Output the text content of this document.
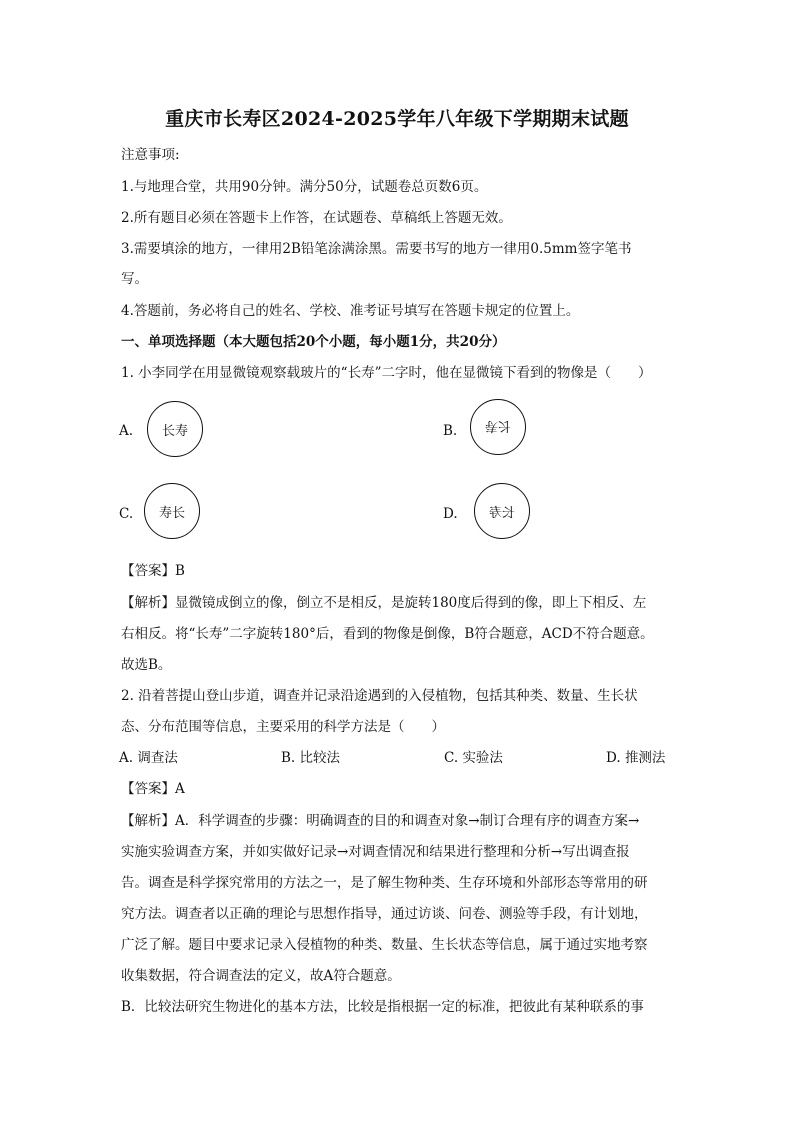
重庆市长寿区2024-2025学年八年级下学期期末试题
注意事项:
1.与地理合堂，共用90分钟。满分50分，试题卷总页数6页。
2.所有题目必须在答题卡上作答，在试题卷、草稿纸上答题无效。
3.需要填涂的地方，一律用2B铅笔涂满涂黑。需要书写的地方一律用0.5mm签字笔书
写。
4.答题前，务必将自己的姓名、学校、准考证号填写在答题卡规定的位置上。
一、单项选择题（本大题包括20个小题，每小题1分，共20分）
1. 小李同学在用显微镜观察载玻片的“长寿”二字时，他在显微镜下看到的物像是（　　）
A. 长寿	B. 长寿
C. 寿长	D. 长寿
【答案】B
【解析】显微镜成倒立的像，倒立不是相反，是旋转180度后得到的像，即上下相反、左
右相反。将“长寿”二字旋转180°后，看到的物像是倒像，B符合题意，ACD不符合题意。
故选B。
2. 沿着菩提山登山步道，调查并记录沿途遇到的入侵植物，包括其种类、数量、生长状
态、分布范围等信息，主要采用的科学方法是（　　）
A. 调查法	B. 比较法	C. 实验法	D. 推测法
【答案】A
【解析】A．科学调查的步骤：明确调查的目的和调查对象→制订合理有序的调查方案→
实施实验调查方案，并如实做好记录→对调查情况和结果进行整理和分析→写出调查报
告。调查是科学探究常用的方法之一，是了解生物种类、生存环境和外部形态等常用的研
究方法。调查者以正确的理论与思想作指导，通过访谈、问卷、测验等手段，有计划地，
广泛了解。题目中要求记录入侵植物的种类、数量、生长状态等信息，属于通过实地考察
收集数据，符合调查法的定义，故A符合题意。
B．比较法研究生物进化的基本方法，比较是指根据一定的标准，把彼此有某种联系的事
